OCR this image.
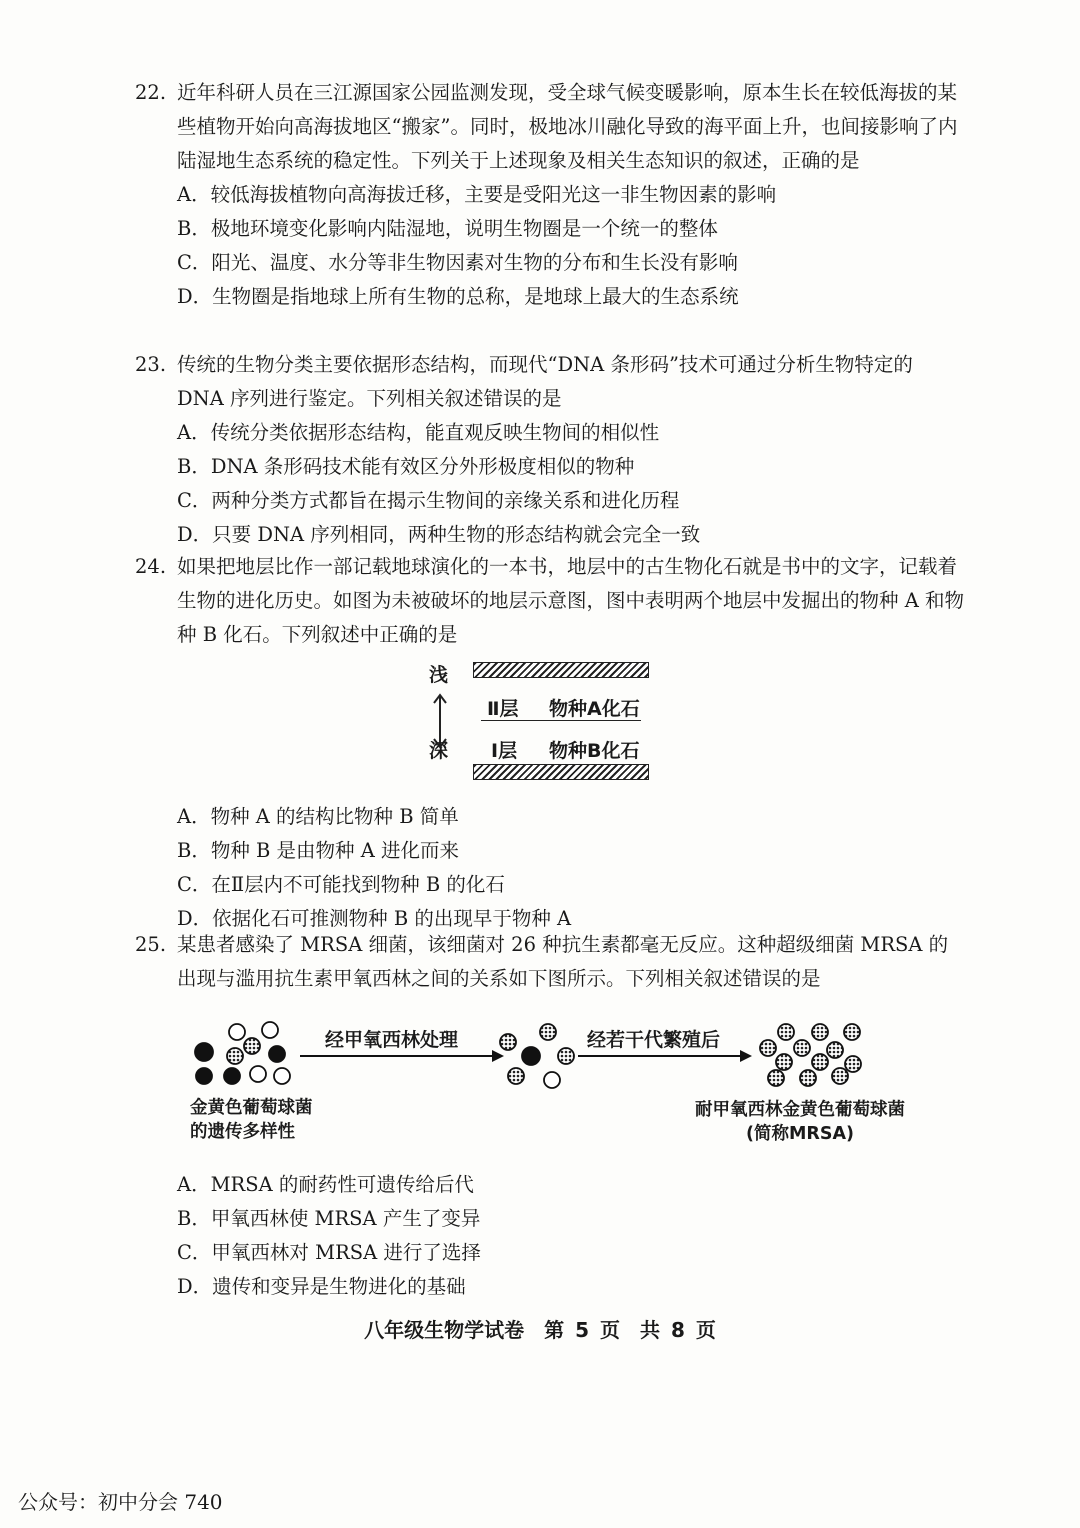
22. 近年科研人员在三江源国家公园监测发现，受全球气候变暖影响，原本生长在较低海拔的某些植物开始向高海拔地区“搬家”。同时，极地冰川融化导致的海平面上升，也间接影响了内陆湿地生态系统的稳定性。下列关于上述现象及相关生态知识的叙述，正确的是
A．较低海拔植物向高海拔迁移，主要是受阳光这一非生物因素的影响
B．极地环境变化影响内陆湿地，说明生物圈是一个统一的整体
C．阳光、温度、水分等非生物因素对生物的分布和生长没有影响
D．生物圈是指地球上所有生物的总称，是地球上最大的生态系统
23. 传统的生物分类主要依据形态结构，而现代“DNA 条形码”技术可通过分析生物特定的 DNA 序列进行鉴定。下列相关叙述错误的是
A．传统分类依据形态结构，能直观反映生物间的相似性
B．DNA 条形码技术能有效区分外形极度相似的物种
C．两种分类方式都旨在揭示生物间的亲缘关系和进化历程
D．只要 DNA 序列相同，两种生物的形态结构就会完全一致
24. 如果把地层比作一部记载地球演化的一本书，地层中的古生物化石就是书中的文字，记载着生物的进化历史。如图为未被破坏的地层示意图，图中表明两个地层中发掘出的物种 A 和物种 B 化石。下列叙述中正确的是
A．物种 A 的结构比物种 B 简单
B．物种 B 是由物种 A 进化而来
C．在Ⅱ层内不可能找到物种 B 的化石
D．依据化石可推测物种 B 的出现早于物种 A
浅
Ⅱ层 物种A化石
深 Ⅰ层 物种B化石
25. 某患者感染了 MRSA 细菌，该细菌对 26 种抗生素都毫无反应。这种超级细菌 MRSA 的出现与滥用抗生素甲氧西林之间的关系如下图所示。下列相关叙述错误的是
A．MRSA 的耐药性可遗传给后代
B．甲氧西林使 MRSA 产生了变异
C．甲氧西林对 MRSA 进行了选择
D．遗传和变异是生物进化的基础
经甲氧西林处理	经若干代繁殖后
金黄色葡萄球菌
的遗传多样性
耐甲氧西林金黄色葡萄球菌
(简称MRSA)
八年级生物学试卷　第 5 页　共 8 页
公众号：初中分会 740
